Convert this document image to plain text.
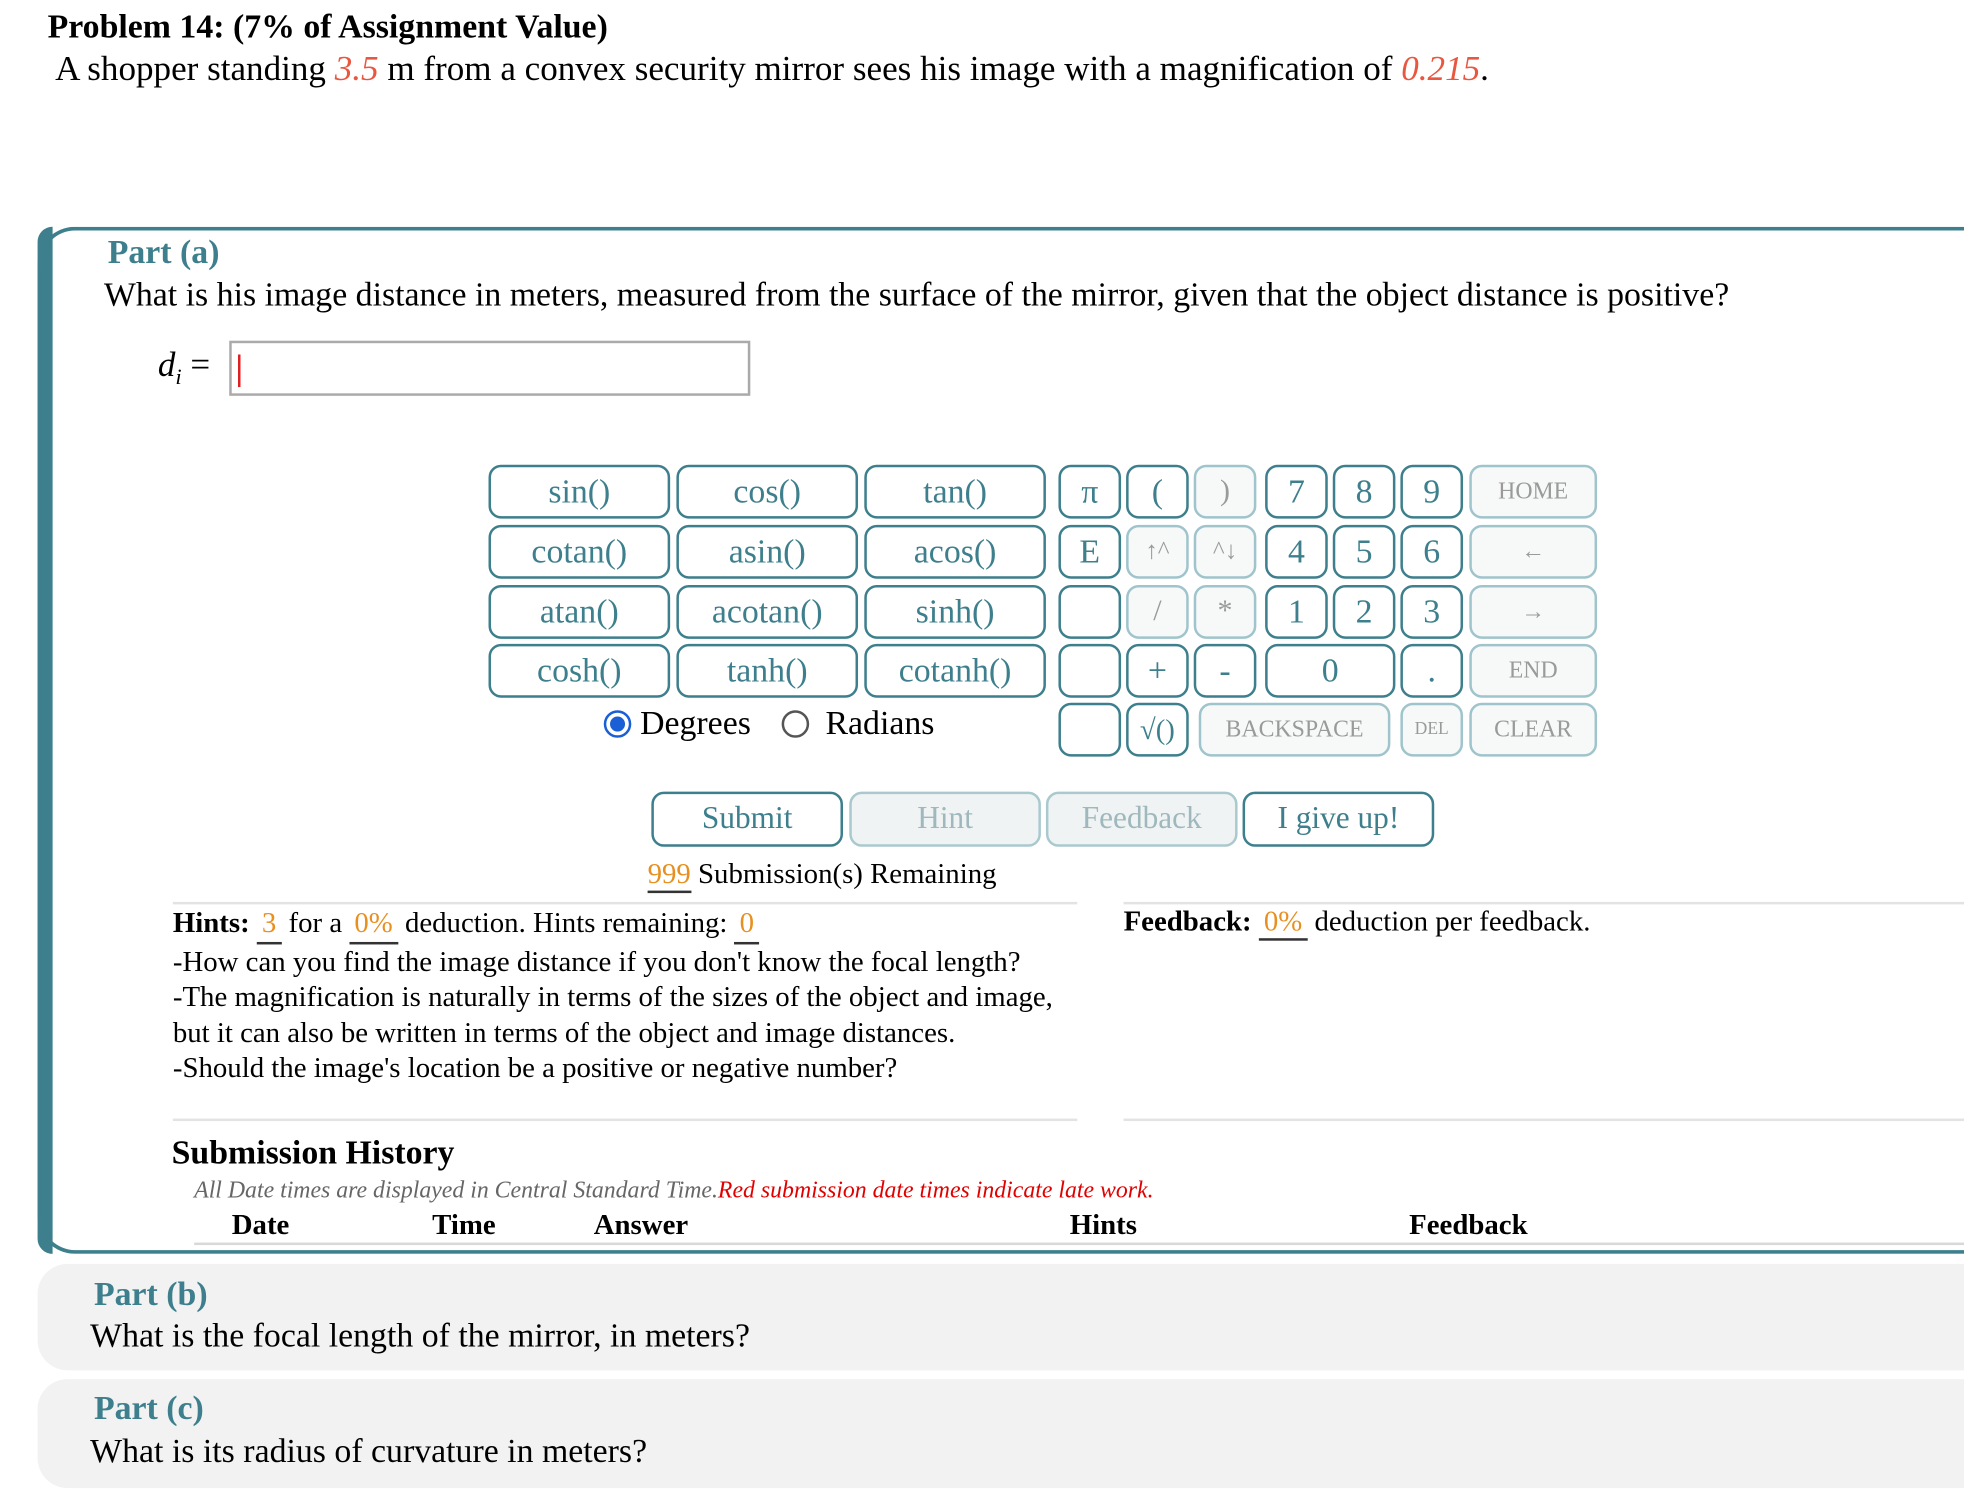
Problem 14: (7% of Assignment Value)
A shopper standing 3.5 m from a convex security mirror sees his image with a magnification of 0.215.
Part (a)
What is his image distance in meters, measured from the surface of the mirror, given that the object distance is positive?
$d_i$ =
sin()	cos()	tan()
cotan()	asin()	acos()
atan()	acotan()	sinh()
cosh()	tanh()	cotanh()
π	(	)
E	↑^	^↓
/	*
+	-
√()
7	8	9
4	5	6
1	2	3
0	.
HOME
←
→
END
BACKSPACE	DEL	CLEAR
Degrees	Radians
Submit	Hint	Feedback	I give up!
999 Submission(s) Remaining
Hints: 3 for a 0% deduction. Hints remaining: 0
-How can you find the image distance if you don't know the focal length?
-The magnification is naturally in terms of the sizes of the object and image, but it can also be written in terms of the object and image distances.
-Should the image's location be a positive or negative number?
Feedback: 0% deduction per feedback.
Submission History
All Date times are displayed in Central Standard Time.Red submission date times indicate late work.
Date	Time	Answer	Hints	Feedback
Part (b)
What is the focal length of the mirror, in meters?
Part (c)
What is its radius of curvature in meters?
